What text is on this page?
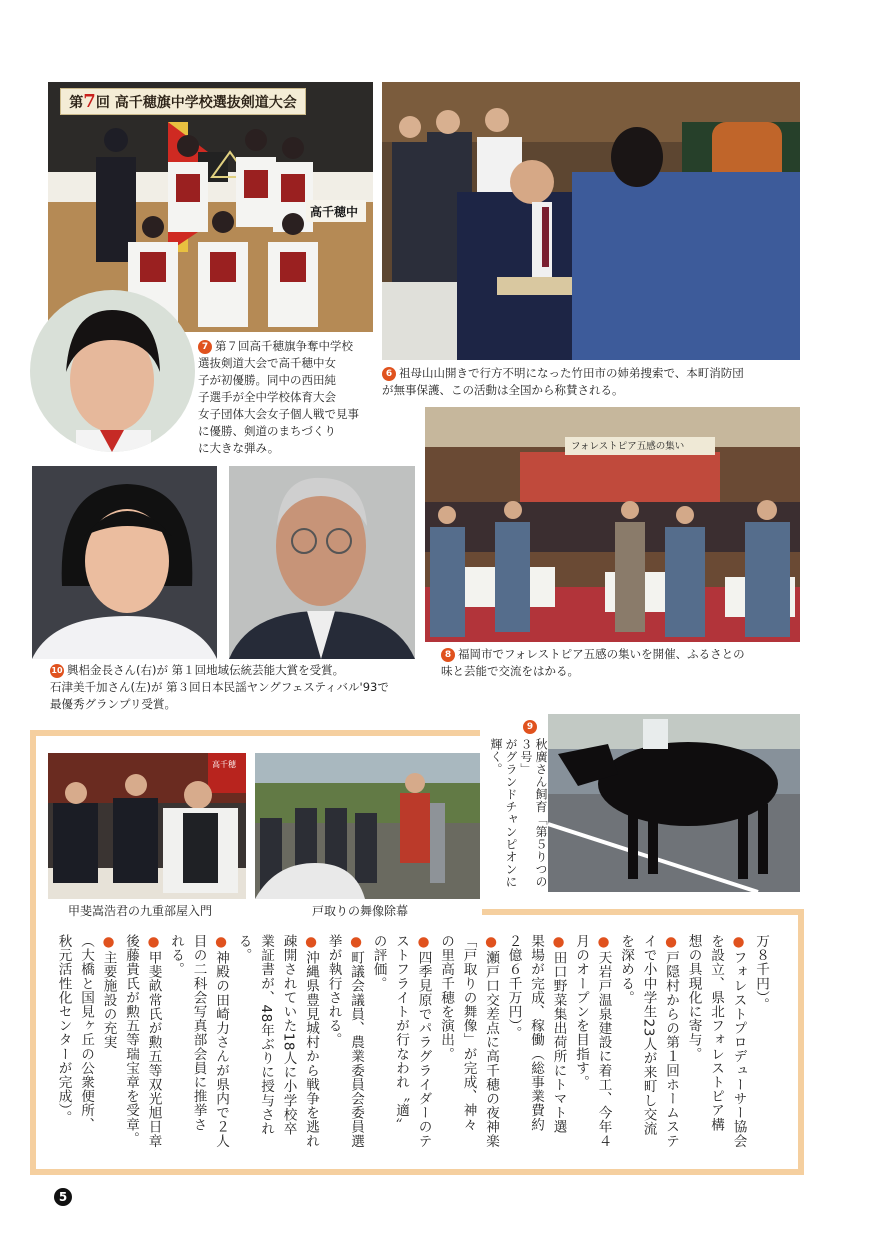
高千穂中
第7回 高千穂旗中学校選抜剣道大会
7 第７回高千穂旗争奪中学校
選抜剣道大会で高千穂中女
子が初優勝。同中の西田純
子選手が全中学校体育大会
女子団体大会女子個人戦で見事
に優勝、剣道のまちづくり
に大きな弾み。
6 祖母山山開きで行方不明になった竹田市の姉弟捜索で、本町消防団
が無事保護、この活動は全国から称賛される。
フォレストピア五感の集い
8 福岡市でフォレストピア五感の集いを開催、ふるさとの
味と芸能で交流をはかる。
10 興梠金長さん(右)が 第１回地域伝統芸能大賞を受賞。
石津美千加さん(左)が 第３回日本民謡ヤングフェスティバル'93で
最優秀グランプリ受賞。
9

秋廣さん飼育「第５りつの３号」
がグランドチャンピオンに輝く。
高千穂
甲斐嵩浩君の九重部屋入門	戸取りの舞像除幕
万８千円）。
●フォレストプロデューサー協会
を設立、県北フォレストピア構
想の具現化に寄与。
●戸隠村からの第１回ホームステ
イで小中学生23人が来町し交流
を深める。
●天岩戸温泉建設に着工、今年４
月のオープンを目指す。
●田口野菜集出荷所にトマト選
果場が完成、稼働（総事業費約
２億６千万円）。
●瀬戸口交差点に高千穂の夜神楽
「戸取りの舞像」が完成、神々
の里高千穂を演出。
●四季見原でパラグライダーのテ
ストフライトが行なわれ〝適〟
の評価。
●町議会議員、農業委員会委員選
挙が執行される。
●沖縄県豊見城村から戦争を逃れ
疎開されていた18人に小学校卒
業証書が、48年ぶりに授与され
る。
●神殿の田崎力さんが県内で２人
目の二科会写真部会員に推挙さ
れる。
●甲斐畝常氏が勲五等双光旭日章
後藤貴氏が勲五等瑞宝章を受章。
●主要施設の充実
（大橋と国見ヶ丘の公衆便所、
秋元活性化センターが完成）。
5
